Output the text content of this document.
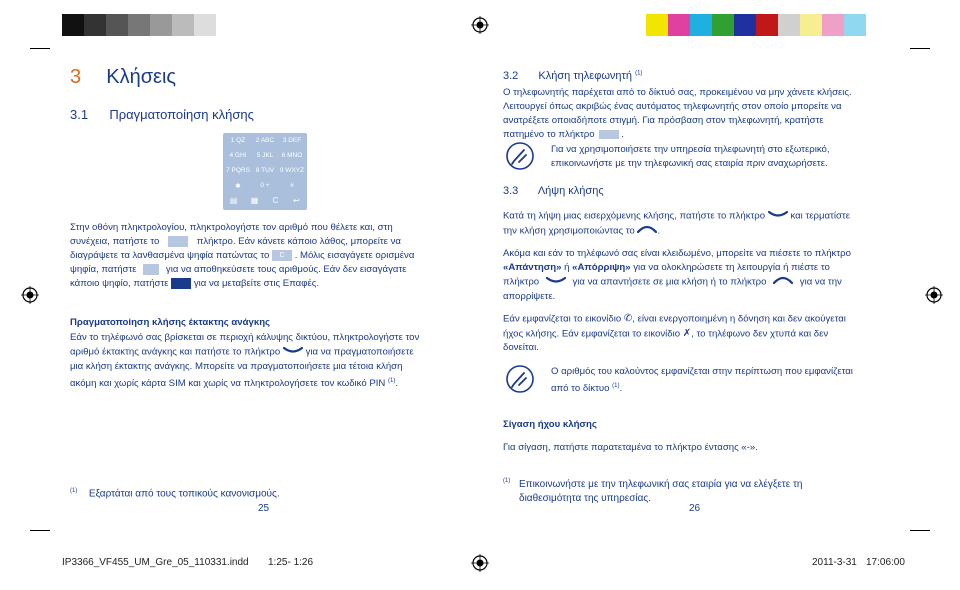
3 Κλήσεις
3.1 Πραγματοποίηση κλήσης
1 QZ	2 ABC	3 DEF
4 GHI	5 JKL	6 MNO
7 PQRS 8 TUV 9 WXYZ
✱	0 +	#
▤	▦	C	↩
Στην οθόνη πληκτρολογίου, πληκτρολογήστε τον αριθμό που θέλετε και, στη
συνέχεια, πατήστε το	πλήκτρο. Εάν κάνετε κάποιο λάθος, μπορείτε να
διαγράψετε τα λανθασμένα ψηφία πατώντας το C . Μόλις εισαγάγετε ορισμένα
ψηφία, πατήστε	για να αποθηκεύσετε τους αριθμούς. Εάν δεν εισαγάγατε
κάποιο ψηφίο, πατήστε	για να μεταβείτε στις Επαφές.
Πραγματοποίηση κλήσης έκτακτης ανάγκης
Εάν το τηλέφωνό σας βρίσκεται σε περιοχή κάλυψης δικτύου, πληκτρολογήστε τον
αριθμό έκτακτης ανάγκης και πατήστε το πλήκτρο	για να πραγματοποιήσετε
μια κλήση έκτακτης ανάγκης. Μπορείτε να πραγματοποιήσετε μια τέτοια κλήση
ακόμη και χωρίς κάρτα SIM και χωρίς να πληκτρολογήσετε τον κωδικό PIN $^{(1)}$.
$^{(1)}$ Εξαρτάται από τους τοπικούς κανονισμούς.
25
3.2 Κλήση τηλεφωνητή $^{(1)}$
Ο τηλεφωνητής παρέχεται από το δίκτυό σας, προκειμένου να μην χάνετε κλήσεις.
Λειτουργεί όπως ακριβώς ένας αυτόματος τηλεφωνητής στον οποίο μπορείτε να
ανατρέξετε οποιαδήποτε στιγμή. Για πρόσβαση στον τηλεφωνητή, κρατήστε
πατημένο το πλήκτρο	.
Για να χρησιμοποιήσετε την υπηρεσία τηλεφωνητή στο εξωτερικό,
επικοινωνήστε με την τηλεφωνική σας εταιρία πριν αναχωρήσετε.
3.3 Λήψη κλήσης
Κατά τη λήψη μιας εισερχόμενης κλήσης, πατήστε το πλήκτρο	και τερματίστε
την κλήση χρησιμοποιώντας το .
Ακόμα και εάν το τηλέφωνό σας είναι κλειδωμένο, μπορείτε να πιέσετε το πλήκτρο
«Απάντηση» ή «Απόρριψη» για να ολοκληρώσετε τη λειτουργία ή πιέστε το
πλήκτρο	για να απαντήσετε σε μια κλήση ή το πλήκτρο	για να την
απορρίψετε.
Εάν εμφανίζεται το εικονίδιο ✆, είναι ενεργοποιημένη η δόνηση και δεν ακούγεται
ήχος κλήσης. Εάν εμφανίζεται το εικονίδιο ✗, το τηλέφωνο δεν χτυπά και δεν
δονείται.
Ο αριθμός του καλούντος εμφανίζεται στην περίπτωση που εμφανίζεται
από το δίκτυο $^{(1)}$.
Σίγαση ήχου κλήσης
Για σίγαση, πατήστε παρατεταμένα το πλήκτρο έντασης «-».
(1) Επικοινωνήστε με την τηλεφωνική σας εταιρία για να ελέγξετε τη
διαθεσιμότητα της υπηρεσίας.
26
IP3366_VF455_UM_Gre_05_110331.indd 1:25- 1:26	2011-3-31 17:06:00
